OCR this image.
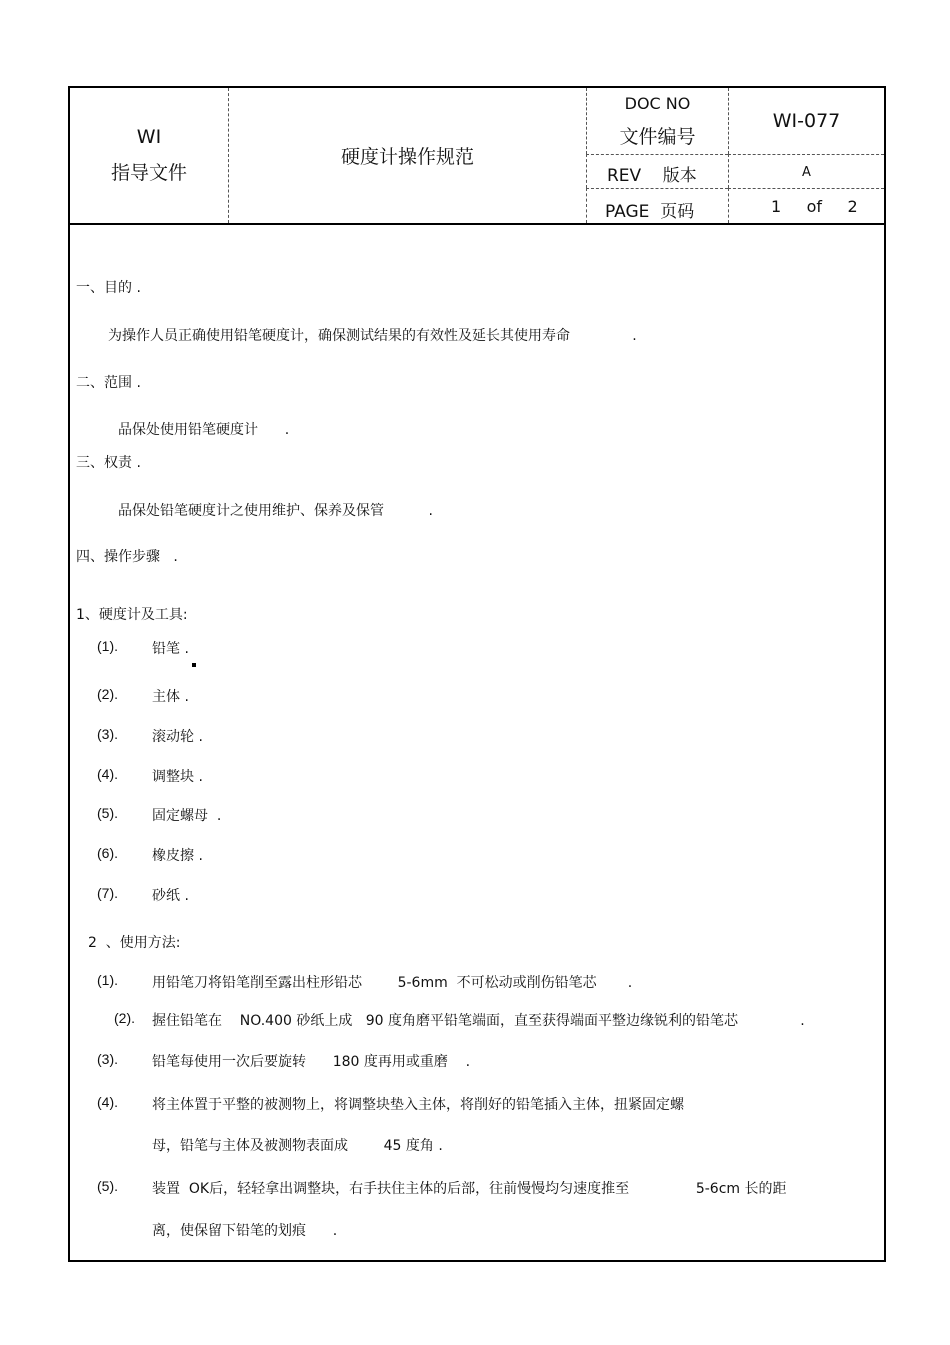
WI
指导文件
硬度计操作规范
DOC NO
文件编号
WI-077
REV    版本	A
PAGE  页码	1     of     2
一、目的 .
为操作人员正确使用铅笔硬度计，确保测试结果的有效性及延长其使用寿命              .
二、范围 .
品保处使用铅笔硬度计      .
三、权责 .
品保处铅笔硬度计之使用维护、保养及保管          .
四、操作步骤   .
1、硬度计及工具:
(1). 铅笔 .
(2). 主体 .
(3). 滚动轮 .
(4). 调整块 .
(5). 固定螺母  .
(6). 橡皮擦 .
(7). 砂纸 .
2  、使用方法:
(1). 用铅笔刀将铅笔削至露出柱形铅芯        5-6mm  不可松动或削伤铅笔芯       .
(2). 握住铅笔在    NO.400 砂纸上成   90 度角磨平铅笔端面，直至获得端面平整边缘锐利的铅笔芯              .
(3). 铅笔每使用一次后要旋转      180 度再用或重磨    .
(4). 将主体置于平整的被测物上，将调整块垫入主体，将削好的铅笔插入主体，扭紧固定螺
母，铅笔与主体及被测物表面成        45 度角 .
(5). 装置  OK后，轻轻拿出调整块，右手扶住主体的后部，往前慢慢均匀速度推至               5-6cm 长的距
离，使保留下铅笔的划痕      .
